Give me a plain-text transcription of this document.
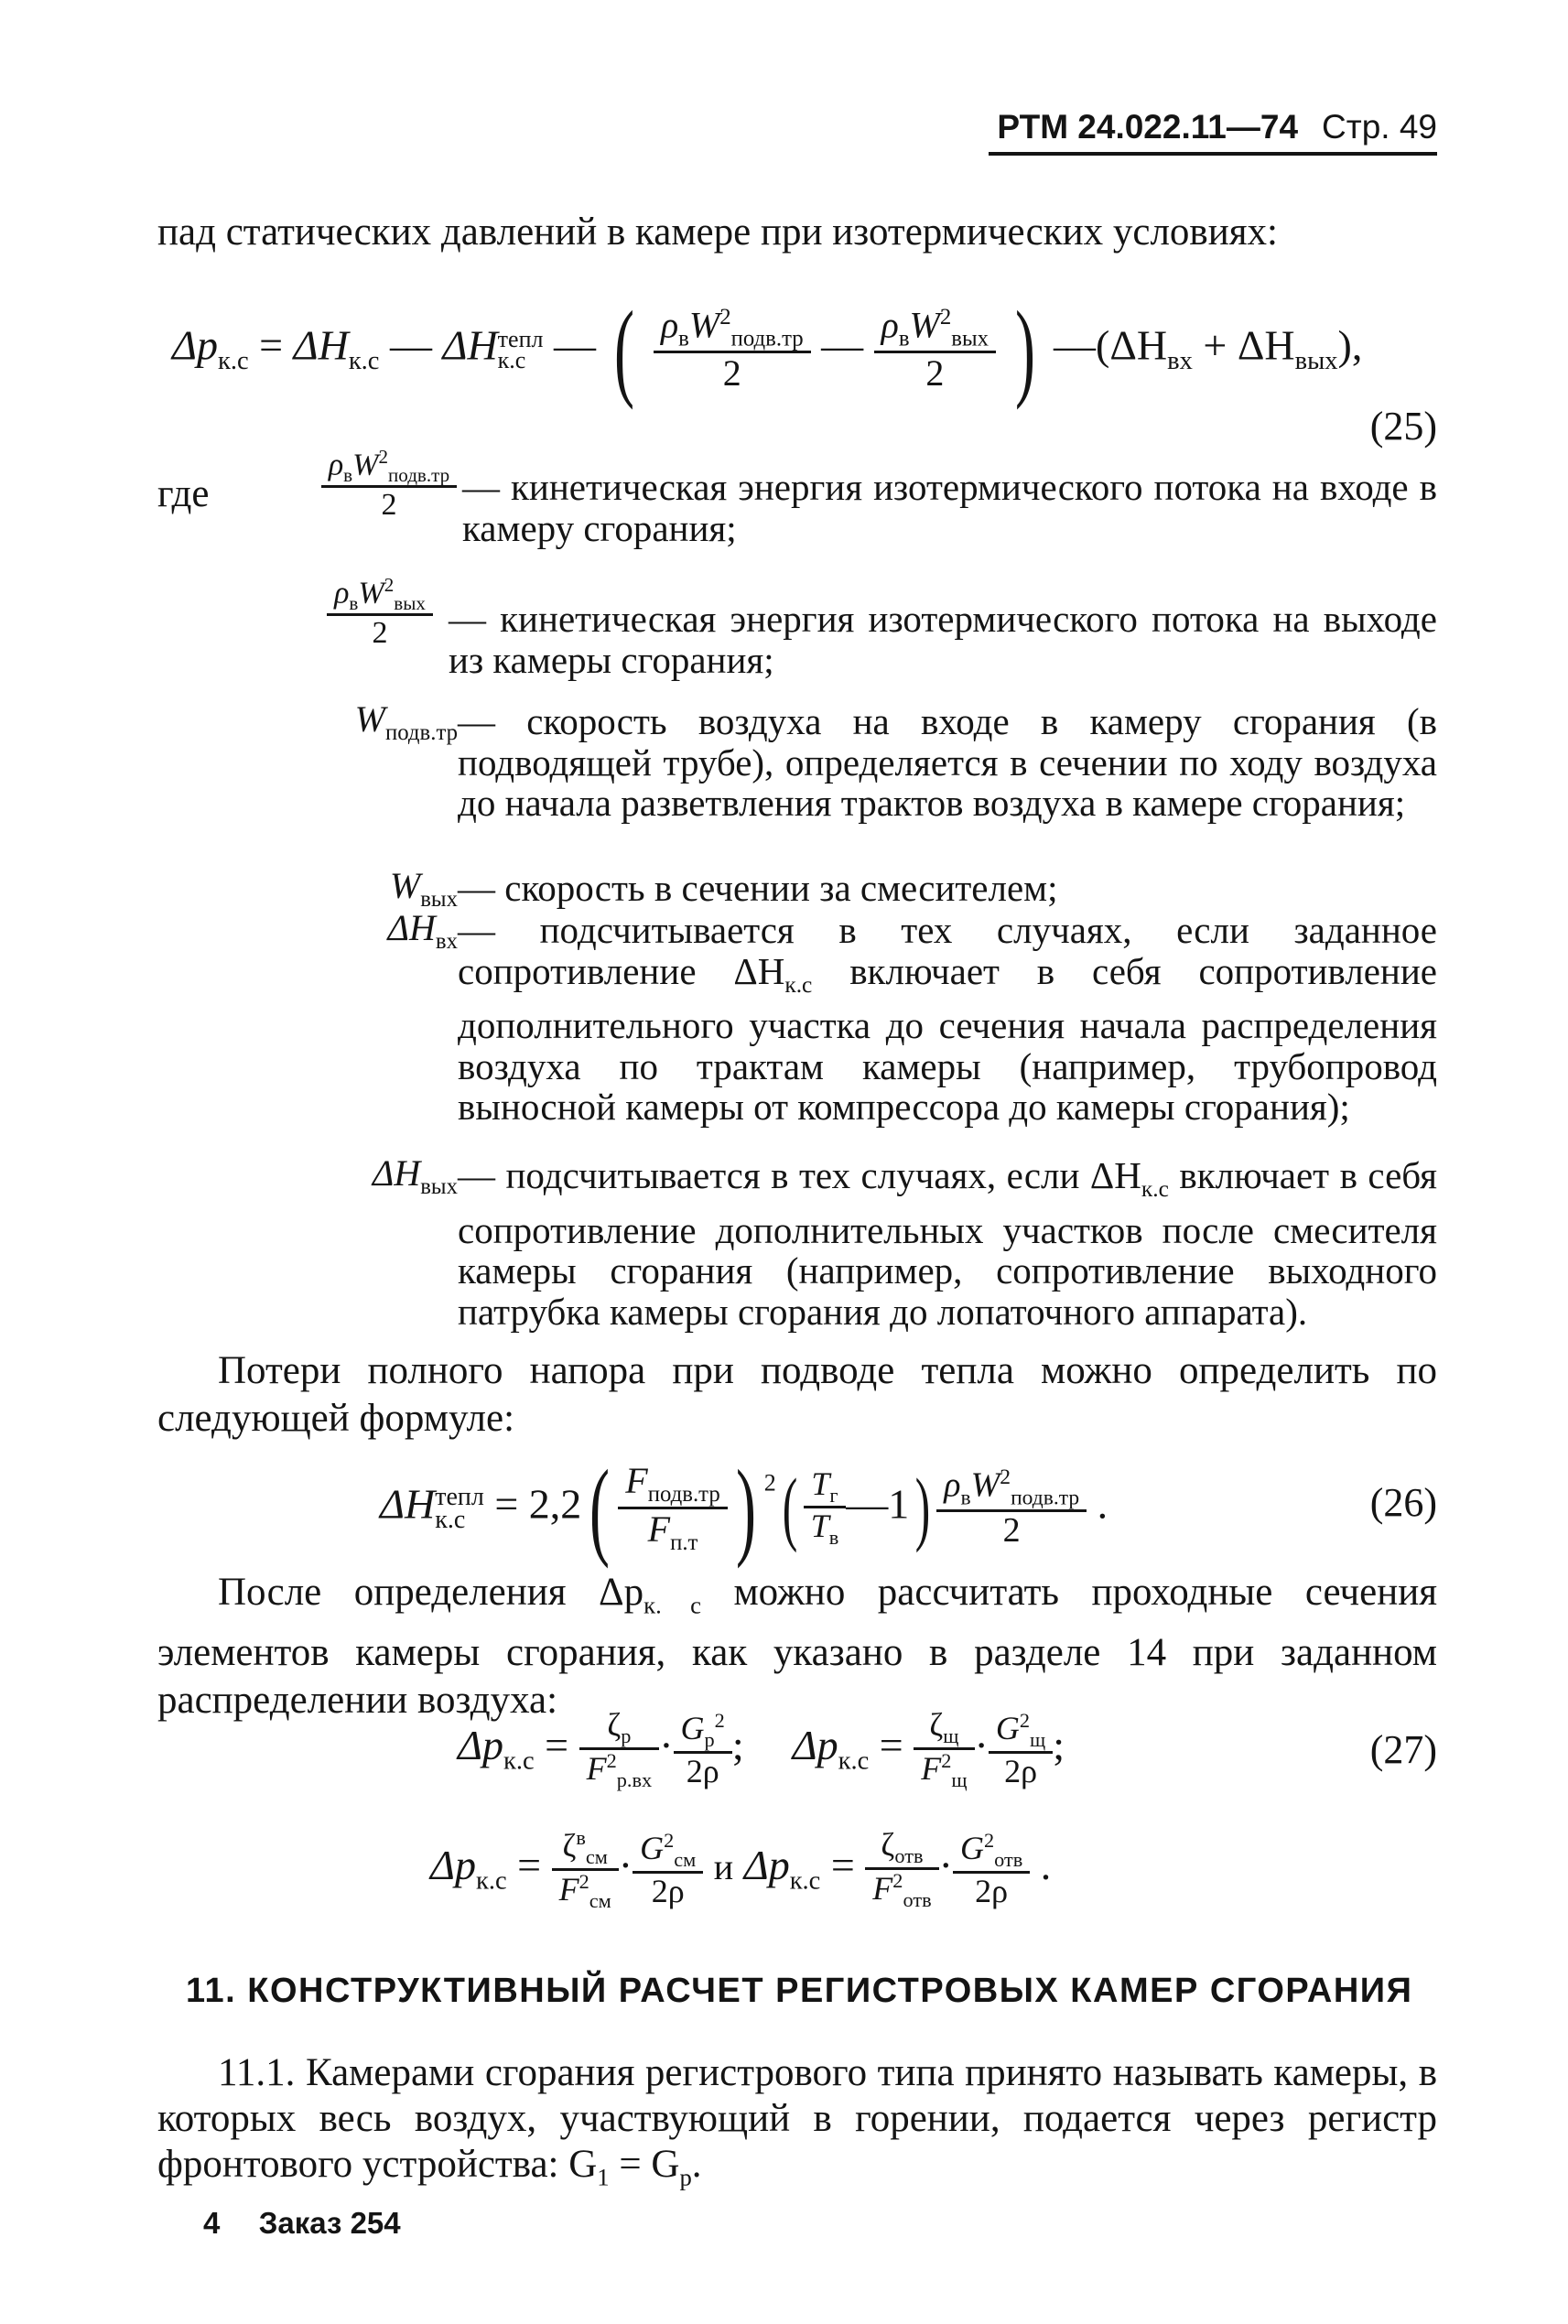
РТМ 24.022.11—74 Стр. 49
пад статических давлений в камере при изотермических условиях:
$\Delta p_{к.с} = \Delta H_{к.с}$ — ΔH тепл
к.с — ( $\frac{\rho_вW^2_{подв.тр}}{2}$ — $\frac{\rho_вW^2_{вых}}{2}$ ) $—(\Delta H_{вх} + \Delta H_{вых})$,
(25)
где	$\frac{\rho_вW^2_{подв.тр}}{2}$ — кинетическая энергия изотермического потока на входе в камеру сгорания;
$\frac{\rho_вW^2_{вых}}{2}$ — кинетическая энергия изотермического потока на выходе из камеры сгорания;
$W_{подв.тр}$ — скорость воздуха на входе в камеру сгорания (в подводящей трубе), определяется в сечении по ходу воздуха до начала разветвления трактов воздуха в камере сгорания;
$W_{вых}$ — скорость в сечении за смесителем;
$\Delta H_{вх}$ — подсчитывается в тех случаях, если заданное сопротивление $\Delta H_{к.с}$ включает в себя сопротивление дополнительного участка до сечения начала распределения воздуха по трактам камеры (например, трубопровод выносной камеры от компрессора до камеры сгорания);
$\Delta H_{вых}$ — подсчитывается в тех случаях, если $\Delta H_{к.с}$ включает в себя сопротивление дополнительных участков после смесителя камеры сгорания (например, сопротивление выходного патрубка камеры сгорания до лопаточного аппарата).
Потери полного напора при подводе тепла можно определить по следующей формуле:
ΔH тепл
$к.с = 2,2( \frac{F_{подв.тр}}{F_{п.т}}$ ) $^2( \frac{T_г}{T_в}$ —1) $\frac{\rho_вW^2_{подв.тр}}{2}$ .	(26)
После определения $\Delta p_{к. с}$ можно рассчитать проходные сечения элементов камеры сгорания, как указано в разделе 14 при заданном распределении воздуха:
$\Delta p_{к.с} = \frac{\zeta_р}{F^2_{р.вх}} \cdot \frac{G_р^2}{2\rho}$ ;  $\Delta p_{к.с} = \frac{\zeta_щ}{F^2_щ} \cdot \frac{G^2_щ}{2\rho}$ ;	(27)
$\Delta p_{к.с} = \frac{\zeta^в_{см}}{F^2_{см}} \cdot \frac{G^2_{см}}{2\rho}$ и $\Delta p_{к.с} = \frac{\zeta_{отв}}{F^2_{отв}} \cdot \frac{G^2_{отв}}{2\rho}$ .
11. КОНСТРУКТИВНЫЙ РАСЧЕТ РЕГИСТРОВЫХ КАМЕР СГОРАНИЯ
11.1. Камерами сгорания регистрового типа принято называть камеры, в которых весь воздух, участвующий в горении, подается через регистр фронтового устройства: $G_1 = G_р$.
4 Заказ 254
